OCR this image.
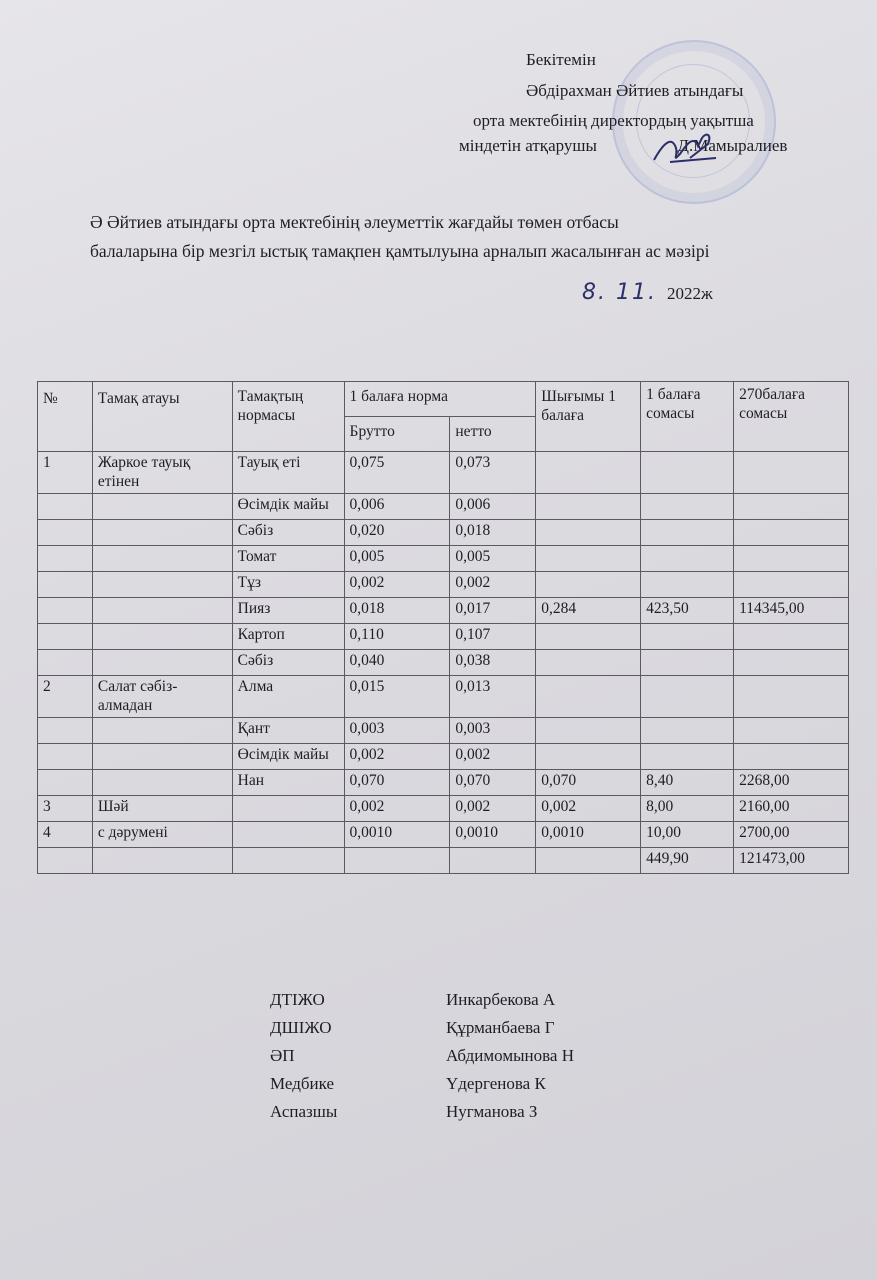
Бекітемін
Әбдірахман Әйтиев атындағы
орта мектебінің директордың уақытша
міндетін атқарушы	Д.Мамыралиев
Ә Әйтиев атындағы орта мектебінің әлеуметтік жағдайы төмен отбасы
балаларына бір мезгіл ыстық тамақпен қамтылуына арналып жасалынған ас мәзірі
8. 11. 2022ж
№	Тамақ атауы	Тамақтың нормасы	1 балаға норма		Шығымы 1 балаға	1 балаға сомасы	270балаға сомасы
			Брутто	нетто			
1	Жаркое тауық етінен	Тауық еті	0,075	0,073			
		Өсімдік майы	0,006	0,006			
		Сәбіз	0,020	0,018			
		Томат	0,005	0,005			
		Тұз	0,002	0,002			
		Пияз	0,018	0,017	0,284	423,50	114345,00
		Картоп	0,110	0,107			
		Сәбіз	0,040	0,038			
2	Салат сәбіз-алмадан	Алма	0,015	0,013			
		Қант	0,003	0,003			
		Өсімдік майы	0,002	0,002			
		Нан	0,070	0,070	0,070	8,40	2268,00
3	Шәй		0,002	0,002	0,002	8,00	2160,00
4	с дәрумені		0,0010	0,0010	0,0010	10,00	2700,00
						449,90	121473,00
ДТІЖО	Инкарбекова А
ДШІЖО	Құрманбаева Г
ӘП	Абдимомынова Н
Медбике	Үдергенова К
Аспазшы	Нугманова З
